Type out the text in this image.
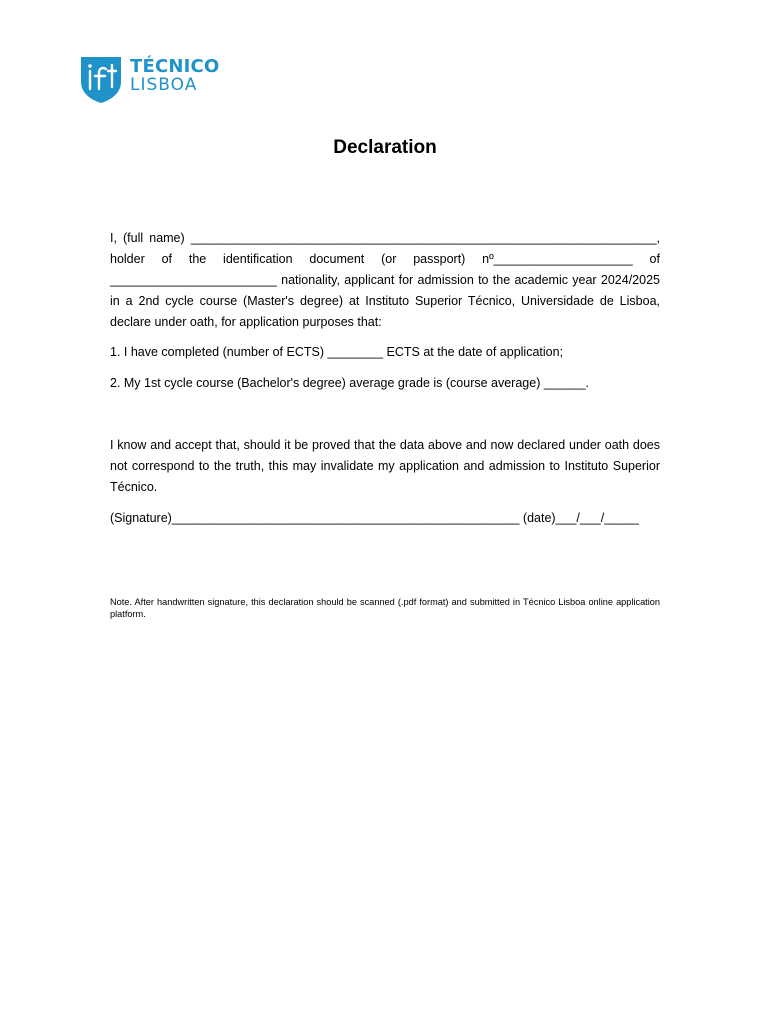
TÉCNICO
LISBOA
Declaration
I, (full name) ___________________________________________________________________,
holder of the identification document (or passport) nº____________________ of
________________________ nationality, applicant for admission to the academic year 2024/2025
in a 2nd cycle course (Master's degree) at Instituto Superior Técnico, Universidade de Lisboa,
declare under oath, for application purposes that:
1. I have completed (number of ECTS) ________ ECTS at the date of application;
2. My 1st cycle course (Bachelor's degree) average grade is (course average) ______.
I know and accept that, should it be proved that the data above and now declared under oath does not correspond to the truth, this may invalidate my application and admission to Instituto Superior Técnico.
(Signature)__________________________________________________ (date)___/___/_____
Note. After handwritten signature, this declaration should be scanned (.pdf format) and submitted in Técnico Lisboa online application platform.
